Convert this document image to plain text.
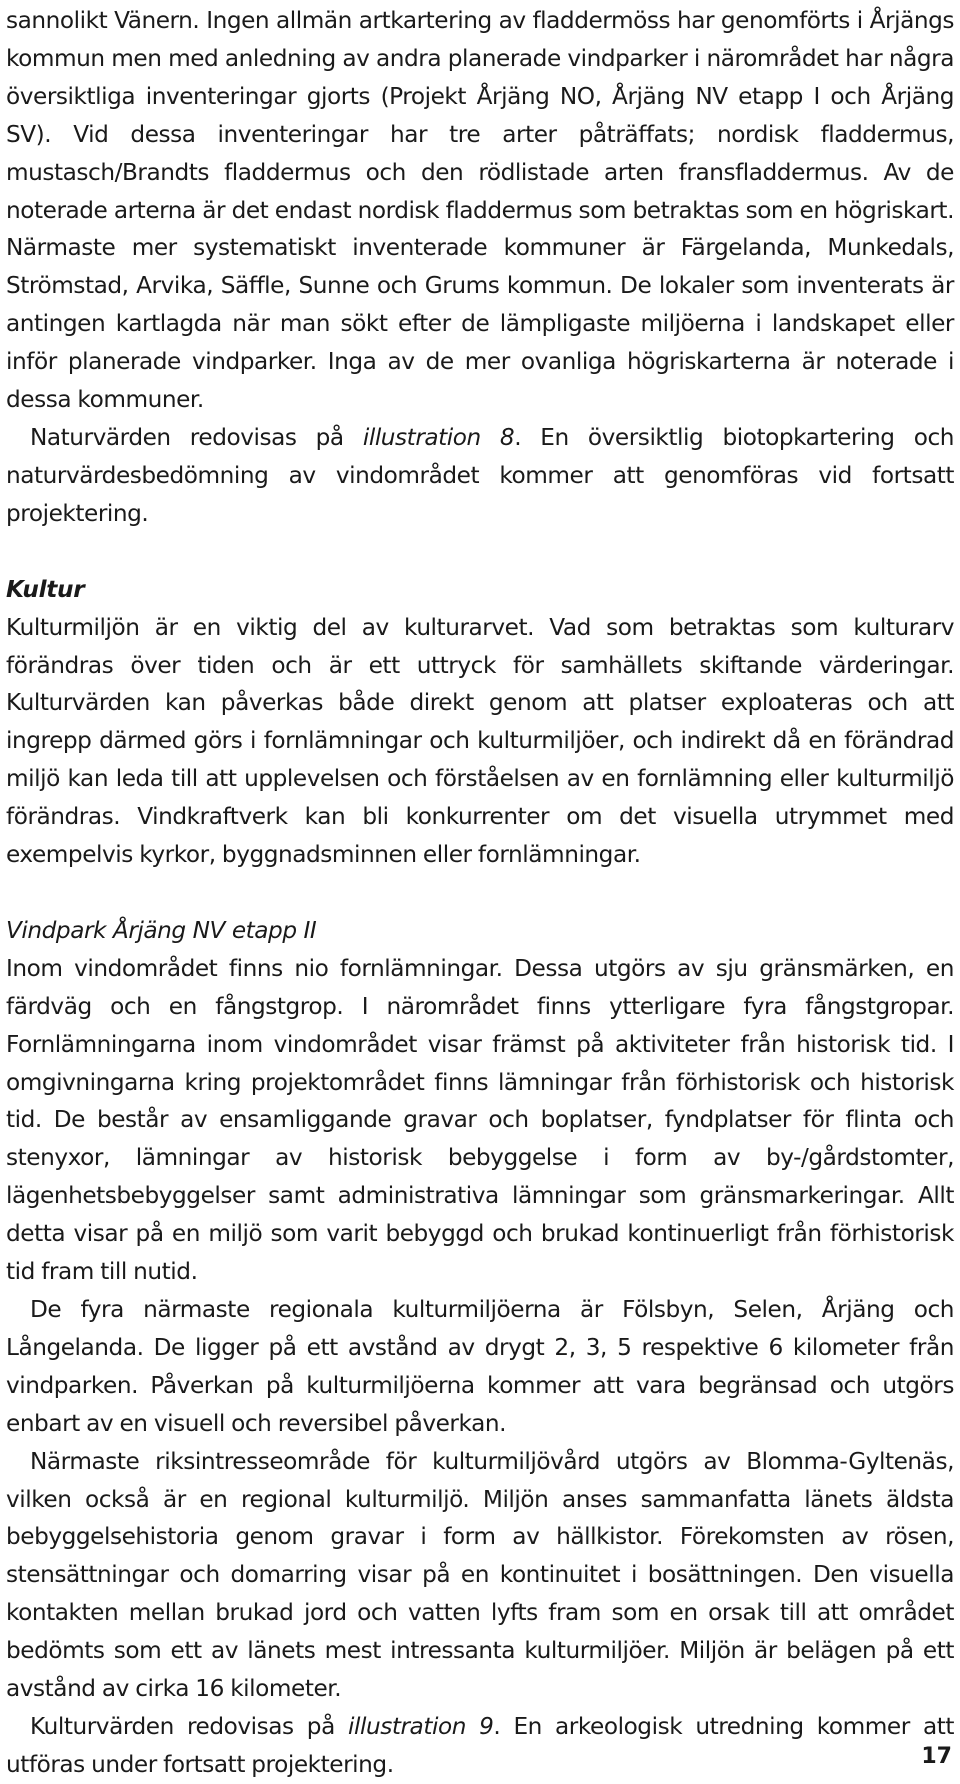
sannolikt Vänern. Ingen allmän artkartering av fladdermöss har genomförts i Årjängs kommun men med anledning av andra planerade vindparker i närområdet har några översiktliga inventeringar gjorts (Projekt Årjäng NO, Årjäng NV etapp I och Årjäng SV). Vid dessa inventeringar har tre arter påträffats; nordisk fladdermus, mustasch/Brandts fladdermus och den rödlistade arten fransfladdermus. Av de noterade arterna är det endast nordisk fladdermus som betraktas som en högriskart. Närmaste mer systematiskt inventerade kommuner är Färgelanda, Munkedals, Strömstad, Arvika, Säffle, Sunne och Grums kommun. De lokaler som inventerats är antingen kartlagda när man sökt efter de lämpligaste miljöerna i landskapet eller inför planerade vindparker. Inga av de mer ovanliga högriskarterna är noterade i dessa kommuner.

Naturvärden redovisas på illustration 8. En översiktlig biotopkartering och naturvärdesbedömning av vindområdet kommer att genomföras vid fortsatt projektering.

Kultur

Kulturmiljön är en viktig del av kulturarvet. Vad som betraktas som kulturarv förändras över tiden och är ett uttryck för samhällets skiftande värderingar. Kulturvärden kan påverkas både direkt genom att platser exploateras och att ingrepp därmed görs i fornlämningar och kulturmiljöer, och indirekt då en förändrad miljö kan leda till att upplevelsen och förståelsen av en fornlämning eller kulturmiljö förändras. Vindkraftverk kan bli konkurrenter om det visuella utrymmet med exempelvis kyrkor, byggnadsminnen eller fornlämningar.

Vindpark Årjäng NV etapp II

Inom vindområdet finns nio fornlämningar. Dessa utgörs av sju gränsmärken, en färdväg och en fångstgrop. I närområdet finns ytterligare fyra fångstgropar. Fornlämningarna inom vindområdet visar främst på aktiviteter från historisk tid. I omgivningarna kring projektområdet finns lämningar från förhistorisk och historisk tid. De består av ensamliggande gravar och boplatser, fyndplatser för flinta och stenyxor, lämningar av historisk bebyggelse i form av by-/gårdstomter, lägenhetsbebyggelser samt administrativa lämningar som gränsmarkeringar. Allt detta visar på en miljö som varit bebyggd och brukad kontinuerligt från förhistorisk tid fram till nutid.

De fyra närmaste regionala kulturmiljöerna är Fölsbyn, Selen, Årjäng och Långelanda. De ligger på ett avstånd av drygt 2, 3, 5 respektive 6 kilometer från vindparken. Påverkan på kulturmiljöerna kommer att vara begränsad och utgörs enbart av en visuell och reversibel påverkan.

Närmaste riksintresseområde för kulturmiljövård utgörs av Blomma-Gyltenäs, vilken också är en regional kulturmiljö. Miljön anses sammanfatta länets äldsta bebyggelsehistoria genom gravar i form av hällkistor. Förekomsten av rösen, stensättningar och domarring visar på en kontinuitet i bosättningen. Den visuella kontakten mellan brukad jord och vatten lyfts fram som en orsak till att området bedömts som ett av länets mest intressanta kulturmiljöer. Miljön är belägen på ett avstånd av cirka 16 kilometer.

Kulturvärden redovisas på illustration 9. En arkeologisk utredning kommer att utföras under fortsatt projektering.	17
